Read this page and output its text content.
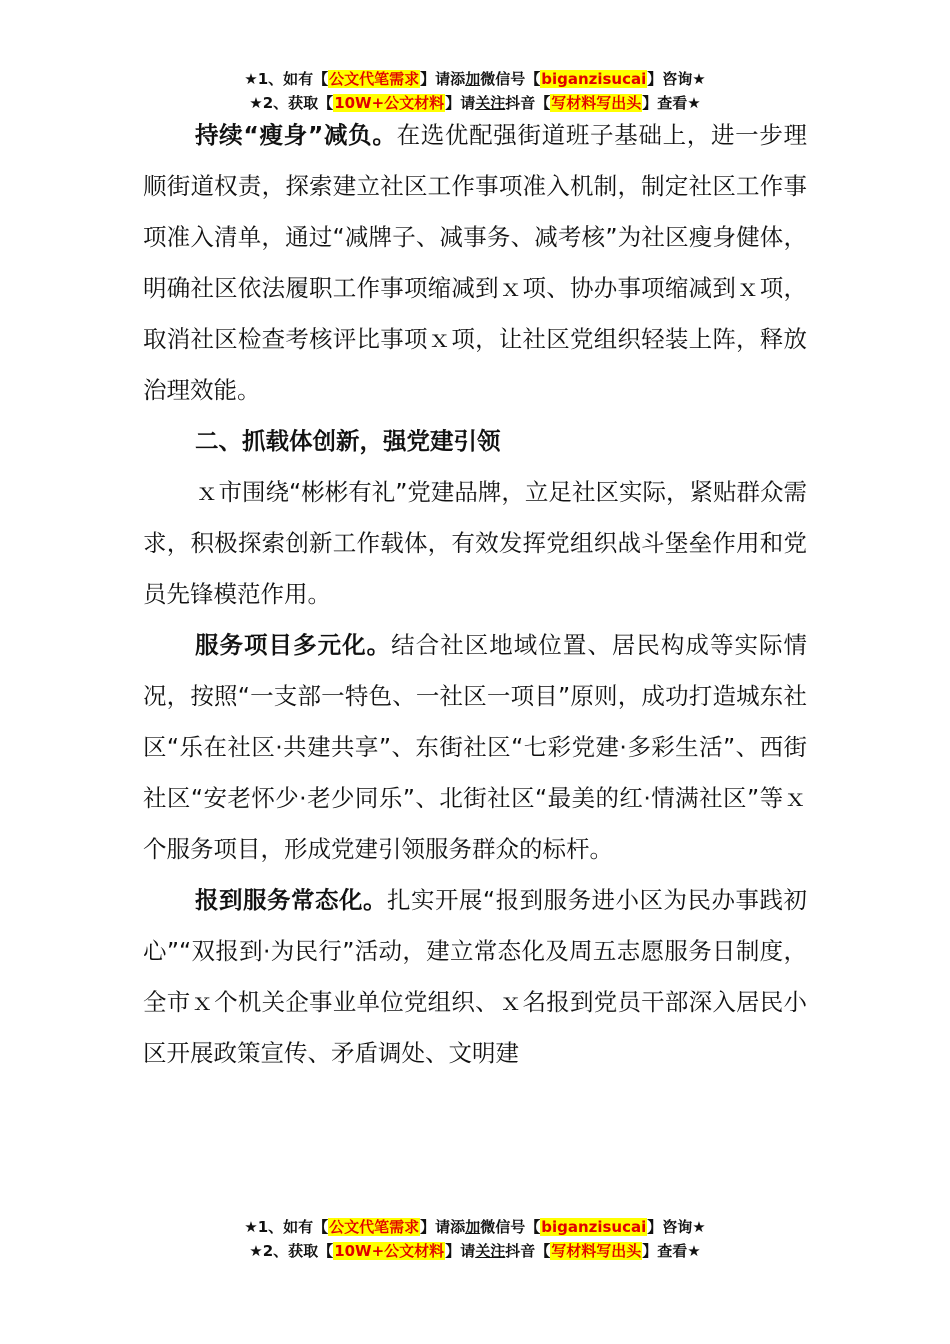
★1、如有【公文代笔需求】请添加微信号【biganzisucai】咨询★
★2、获取【10W+公文材料】请关注抖音【写材料写出头】查看★

持续“瘦身”减负。在选优配强街道班子基础上，进一步理顺街道权责，探索建立社区工作事项准入机制，制定社区工作事项准入清单，通过“减牌子、减事务、减考核”为社区瘦身健体，明确社区依法履职工作事项缩减到ｘ项、协办事项缩减到ｘ项，取消社区检查考核评比事项ｘ项，让社区党组织轻装上阵，释放治理效能。

二、抓载体创新，强党建引领

ｘ市围绕“彬彬有礼”党建品牌，立足社区实际，紧贴群众需求，积极探索创新工作载体，有效发挥党组织战斗堡垒作用和党员先锋模范作用。

服务项目多元化。结合社区地域位置、居民构成等实际情况，按照“一支部一特色、一社区一项目”原则，成功打造城东社区“乐在社区·共建共享”、东街社区“七彩党建·多彩生活”、西街社区“安老怀少·老少同乐”、北街社区“最美的红·情满社区”等ｘ个服务项目，形成党建引领服务群众的标杆。

报到服务常态化。扎实开展“报到服务进小区为民办事践初心”“双报到·为民行”活动，建立常态化及周五志愿服务日制度，全市ｘ个机关企事业单位党组织、ｘ名报到党员干部深入居民小区开展政策宣传、矛盾调处、文明建

★1、如有【公文代笔需求】请添加微信号【biganzisucai】咨询★
★2、获取【10W+公文材料】请关注抖音【写材料写出头】查看★
